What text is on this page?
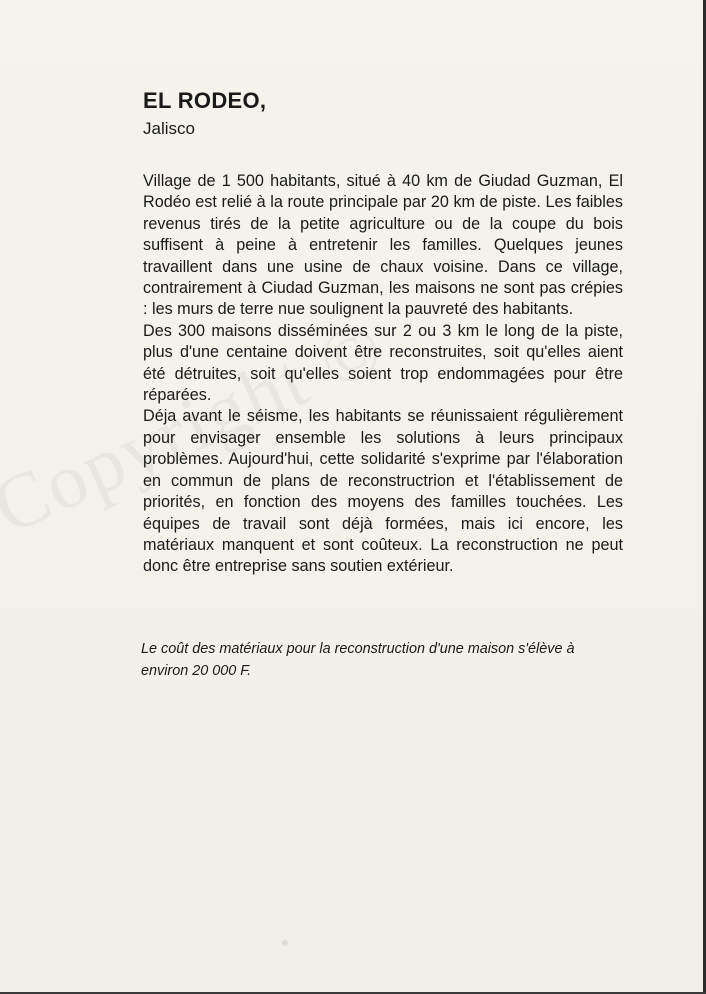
EL RODEO,
Jalisco

Village de 1 500 habitants, situé à 40 km de Giudad Guzman, El Rodéo est relié à la route principale par 20 km de piste. Les faibles revenus tirés de la petite agriculture ou de la coupe du bois suffisent à peine à entretenir les familles. Quelques jeunes travaillent dans une usine de chaux voisine. Dans ce village, contrairement à Ciudad Guzman, les maisons ne sont pas crépies : les murs de terre nue soulignent la pauvreté des habitants.

Des 300 maisons disséminées sur 2 ou 3 km le long de la piste, plus d'une centaine doivent être reconstruites, soit qu'elles aient été détruites, soit qu'elles soient trop endommagées pour être réparées.

Déja avant le séisme, les habitants se réunissaient régulièrement pour envisager ensemble les solutions à leurs principaux problèmes. Aujourd'hui, cette solidarité s'exprime par l'élaboration en commun de plans de reconstructrion et l'établissement de priorités, en fonction des moyens des familles touchées. Les équipes de travail sont déjà formées, mais ici encore, les matériaux manquent et sont coûteux. La reconstruction ne peut donc être entreprise sans soutien extérieur.

Le coût des matériaux pour la reconstruction d'une maison s'élève à environ 20 000 F.
